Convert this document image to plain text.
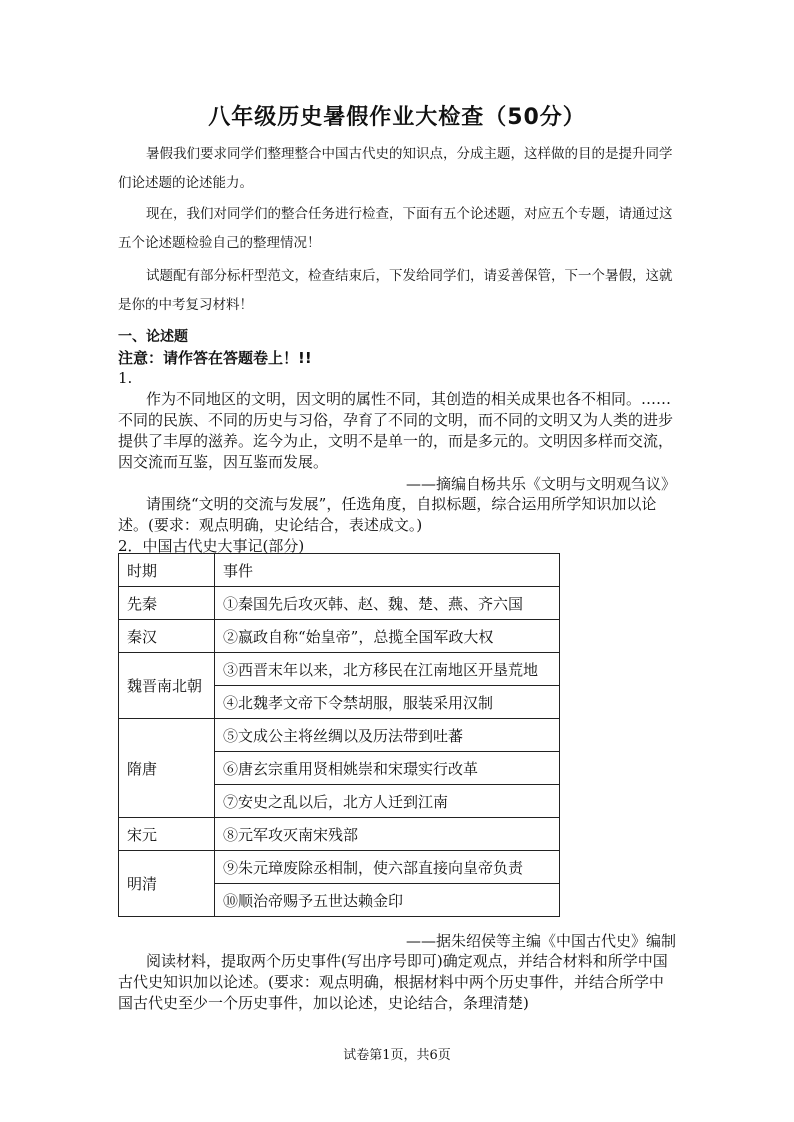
八年级历史暑假作业大检查（50分）
暑假我们要求同学们整理整合中国古代史的知识点，分成主题，这样做的目的是提升同学们论述题的论述能力。
现在，我们对同学们的整合任务进行检查，下面有五个论述题，对应五个专题，请通过这五个论述题检验自己的整理情况！
试题配有部分标杆型范文，检查结束后，下发给同学们，请妥善保管，下一个暑假，这就是你的中考复习材料！
一、论述题
注意：请作答在答题卷上！!!
1.
作为不同地区的文明，因文明的属性不同，其创造的相关成果也各不相同。……不同的民族、不同的历史与习俗，孕育了不同的文明，而不同的文明又为人类的进步提供了丰厚的滋养。迄今为止，文明不是单一的，而是多元的。文明因多样而交流，因交流而互鉴，因互鉴而发展。
——摘编自杨共乐《文明与文明观刍议》
请围绕“文明的交流与发展”，任选角度，自拟标题，综合运用所学知识加以论述。(要求：观点明确，史论结合，表述成文。)
2．中国古代史大事记(部分)
时期	事件
先秦	①秦国先后攻灭韩、赵、魏、楚、燕、齐六国
秦汉	②嬴政自称“始皇帝”，总揽全国军政大权
魏晋南北朝	③西晋末年以来，北方移民在江南地区开垦荒地
	④北魏孝文帝下令禁胡服，服装采用汉制
隋唐	⑤文成公主将丝绸以及历法带到吐蕃
	⑥唐玄宗重用贤相姚崇和宋璟实行改革
	⑦安史之乱以后，北方人迁到江南
宋元	⑧元军攻灭南宋残部
明清	⑨朱元璋废除丞相制，使六部直接向皇帝负责
	⑩顺治帝赐予五世达赖金印
——据朱绍侯等主编《中国古代史》编制
阅读材料，提取两个历史事件(写出序号即可)确定观点，并结合材料和所学中国古代史知识加以论述。(要求：观点明确，根据材料中两个历史事件，并结合所学中国古代史至少一个历史事件，加以论述，史论结合，条理清楚)
试卷第1页，共6页
